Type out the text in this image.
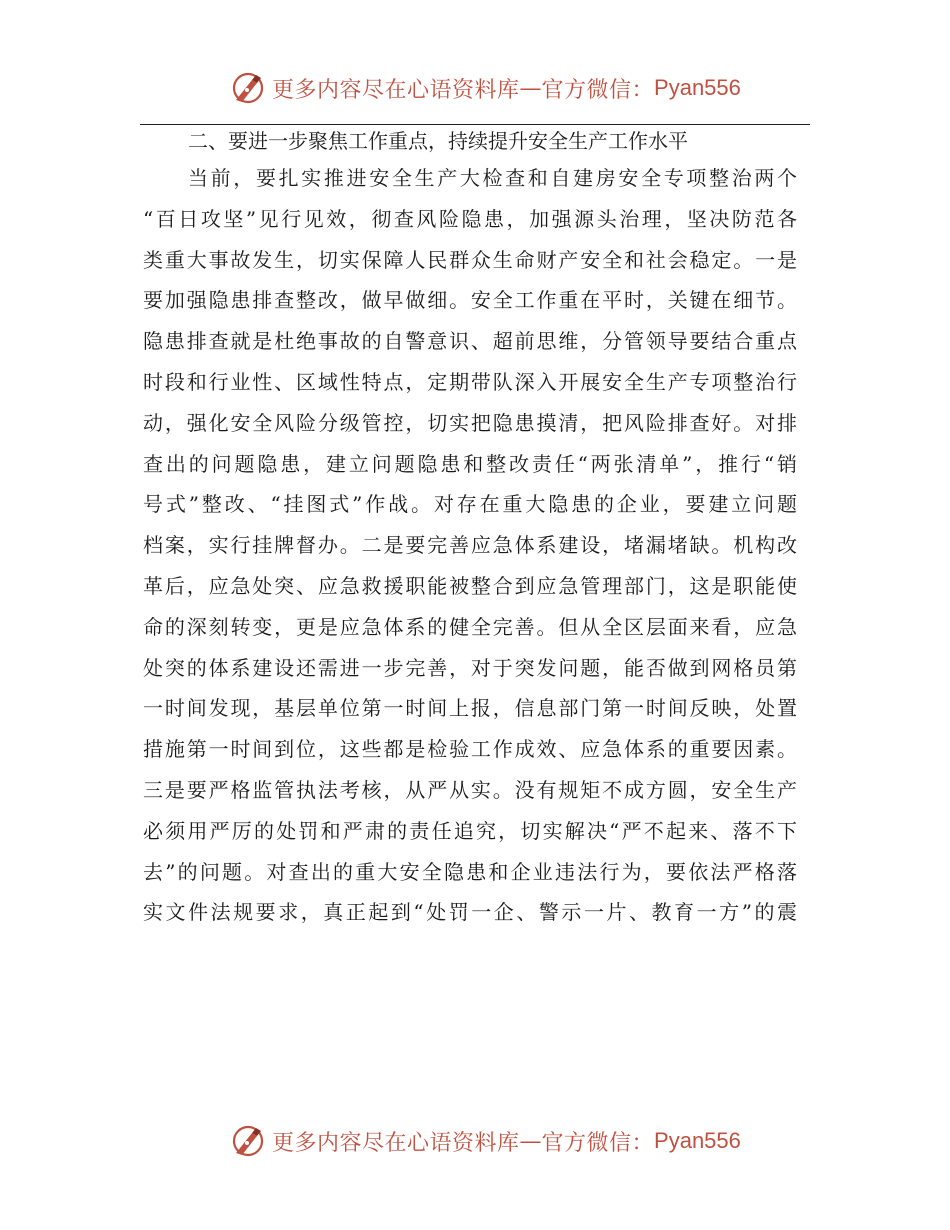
更多内容尽在心语资料库 — 官方微信： Pyan556
二、要进一步聚焦工作重点，持续提升安全生产工作水平
当前，要扎实推进安全生产大检查和自建房安全专项整治两个
“百日攻坚”见行见效，彻查风险隐患，加强源头治理，坚决防范各
类重大事故发生，切实保障人民群众生命财产安全和社会稳定。一是
要加强隐患排查整改，做早做细。安全工作重在平时，关键在细节。
隐患排查就是杜绝事故的自警意识、超前思维，分管领导要结合重点
时段和行业性、区域性特点，定期带队深入开展安全生产专项整治行
动，强化安全风险分级管控，切实把隐患摸清，把风险排查好。对排
查出的问题隐患，建立问题隐患和整改责任“两张清单”，推行“销
号式”整改、“挂图式”作战。对存在重大隐患的企业，要建立问题
档案，实行挂牌督办。二是要完善应急体系建设，堵漏堵缺。机构改
革后，应急处突、应急救援职能被整合到应急管理部门，这是职能使
命的深刻转变，更是应急体系的健全完善。但从全区层面来看，应急
处突的体系建设还需进一步完善，对于突发问题，能否做到网格员第
一时间发现，基层单位第一时间上报，信息部门第一时间反映，处置
措施第一时间到位，这些都是检验工作成效、应急体系的重要因素。
三是要严格监管执法考核，从严从实。没有规矩不成方圆，安全生产
必须用严厉的处罚和严肃的责任追究，切实解决“严不起来、落不下
去”的问题。对查出的重大安全隐患和企业违法行为，要依法严格落
实文件法规要求，真正起到“处罚一企、警示一片、教育一方”的震
更多内容尽在心语资料库 — 官方微信： Pyan556
